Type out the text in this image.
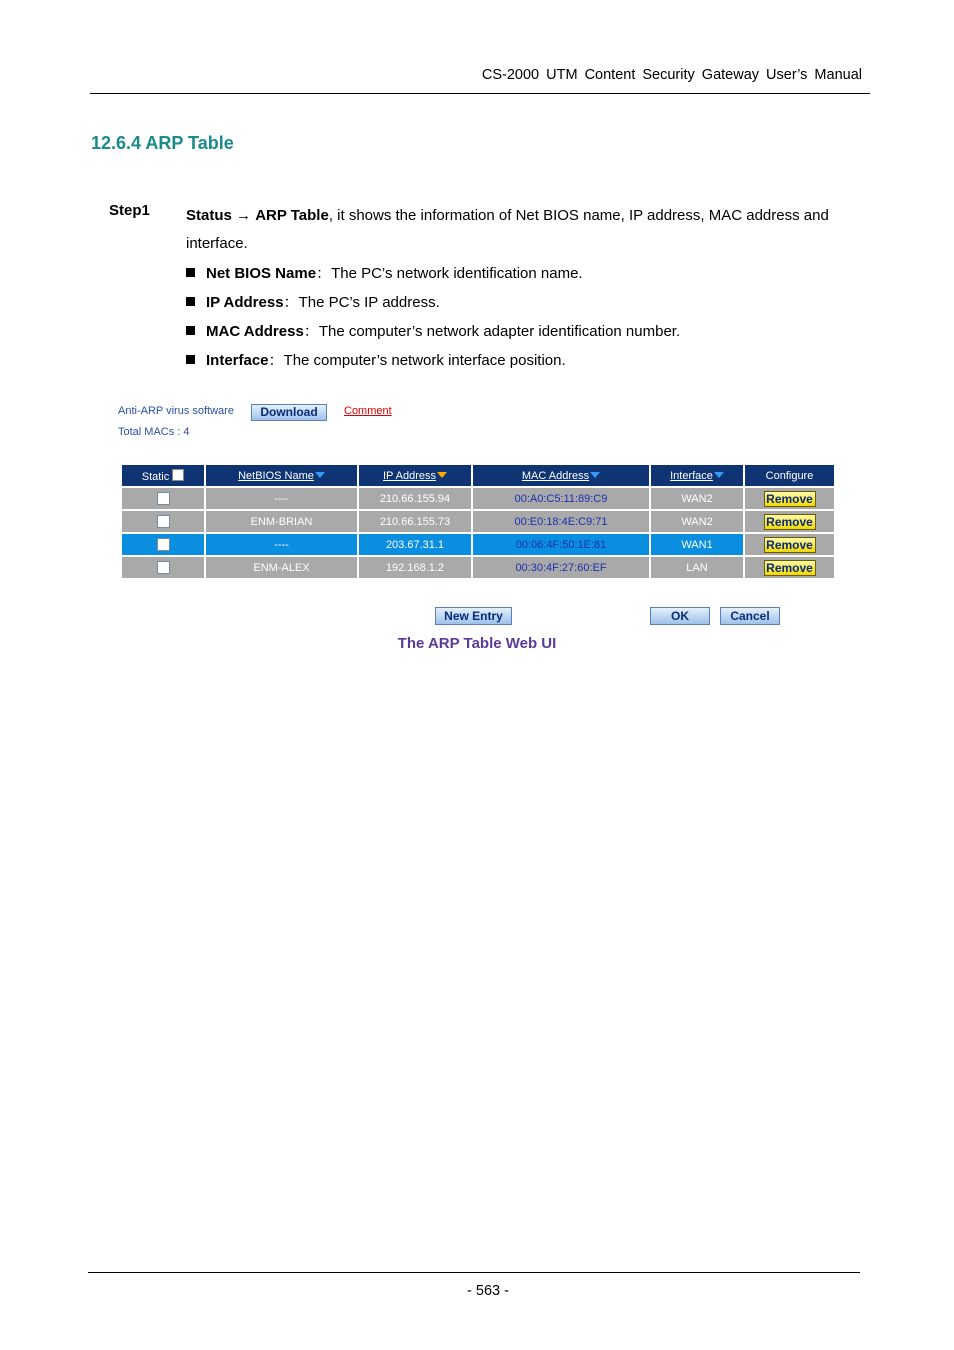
CS-2000 UTM Content Security Gateway User’s Manual
12.6.4 ARP Table
Step1 Status → ARP Table, it shows the information of Net BIOS name, IP address, MAC address and interface.
Net BIOS Name：The PC’s network identification name.
IP Address：The PC’s IP address.
MAC Address：The computer’s network adapter identification number.
Interface：The computer’s network interface position.
Anti-ARP virus software	Download	Comment
Total MACs : 4
Static	NetBIOS Name	IP Address	MAC Address	Interface	Configure
	----	210.66.155.94	00:A0:C5:11:89:C9	WAN2	Remove
	ENM-BRIAN	210.66.155.73	00:E0:18:4E:C9:71	WAN2	Remove
	----	203.67.31.1	00:06:4F:50:1E:81	WAN1	Remove
	ENM-ALEX	192.168.1.2	00:30:4F:27:60:EF	LAN	Remove
New Entry	OK	Cancel
The ARP Table Web UI
- 563 -
